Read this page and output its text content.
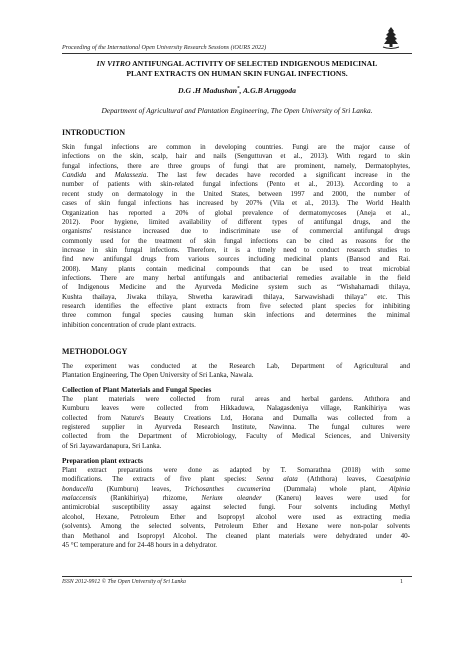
Proceeding of the International Open University Research Sessions (iOURS 2022)
IN VITRO ANTIFUNGAL ACTIVITY OF SELECTED INDIGENOUS MEDICINAL
PLANT EXTRACTS ON HUMAN SKIN FUNGAL INFECTIONS.
D.G .H Madushan*, A.G.B Aruggoda
Department of Agricultural and Plantation Engineering, The Open University of Sri Lanka.
INTRODUCTION
Skin fungal infections are common in developing countries. Fungi are the major cause of
infections on the skin, scalp, hair and nails (Senguttuvan et al., 2013). With regard to skin
fungal infections, there are three groups of fungi that are prominent, namely, Dermatophytes,
Candida and Malassezia. The last few decades have recorded a significant increase in the
number of patients with skin-related fungal infections (Pento et al., 2013). According to a
recent study on dermatology in the United States, between 1997 and 2000, the number of
cases of skin fungal infections has increased by 207% (Vila et al., 2013). The World Health
Organization has reported a 20% of global prevalence of dermatomycoses (Aneja et al.,
2012). Poor hygiene, limited availability of different types of antifungal drugs, and the
organisms' resistance increased due to indiscriminate use of commercial antifungal drugs
commonly used for the treatment of skin fungal infections can be cited as reasons for the
increase in skin fungal infections. Therefore, it is a timely need to conduct research studies to
find new antifungal drugs from various sources including medicinal plants (Bansod and Rai.
2008). Many plants contain medicinal compounds that can be used to treat microbial
infections. There are many herbal antifungals and antibacterial remedies available in the field
of Indigenous Medicine and the Ayurveda Medicine system such as “Wishaharnadi thilaya,
Kushta thailaya, Jiwaka thilaya, Shwetha karawiradi thilaya, Sarwawishadi thilaya” etc. This
research identifies the effective plant extracts from five selected plant species for inhibiting
three common fungal species causing human skin infections and determines the minimal
inhibition concentration of crude plant extracts.
METHODOLOGY
The experiment was conducted at the Research Lab, Department of Agricultural and
Plantation Engineering, The Open University of Sri Lanka, Nawala.
Collection of Plant Materials and Fungal Species
The plant materials were collected from rural areas and herbal gardens. Aththora and
Kumburu leaves were collected from Hikkaduwa, Nalagasdeniya village, Rankihiriya was
collected from Nature's Beauty Creations Ltd, Horana and Dumalla was collected from a
registered supplier in Ayurveda Research Institute, Nawinna. The fungal cultures were
collected from the Department of Microbiology, Faculty of Medical Sciences, and University
of Sri Jayawardanapura, Sri Lanka.
Preparation plant extracts
Plant extract preparations were done as adapted by T. Somarathna (2018) with some
modifications. The extracts of five plant species: Senna alata (Aththora) leaves, Caesalpinia
bonducella (Kumburu) leaves, Trichosanthes cucumerina (Dummala) whole plant, Alpinia
malaccensis (Rankihiriya) rhizome, Nerium oleander (Kaneru) leaves were used for
antimicrobial susceptibility assay against selected fungi. Four solvents including Methyl
alcohol, Hexane, Petroleum Ether and Isopropyl alcohol were used as extracting media
(solvents). Among the selected solvents, Petroleum Ether and Hexane were non-polar solvents
than Methanol and Isopropyl Alcohol. The cleaned plant materials were dehydrated under 40-
45 °C temperature and for 24-48 hours in a dehydrator.
ISSN 2012-9912 © The Open University of Sri Lanka	1
